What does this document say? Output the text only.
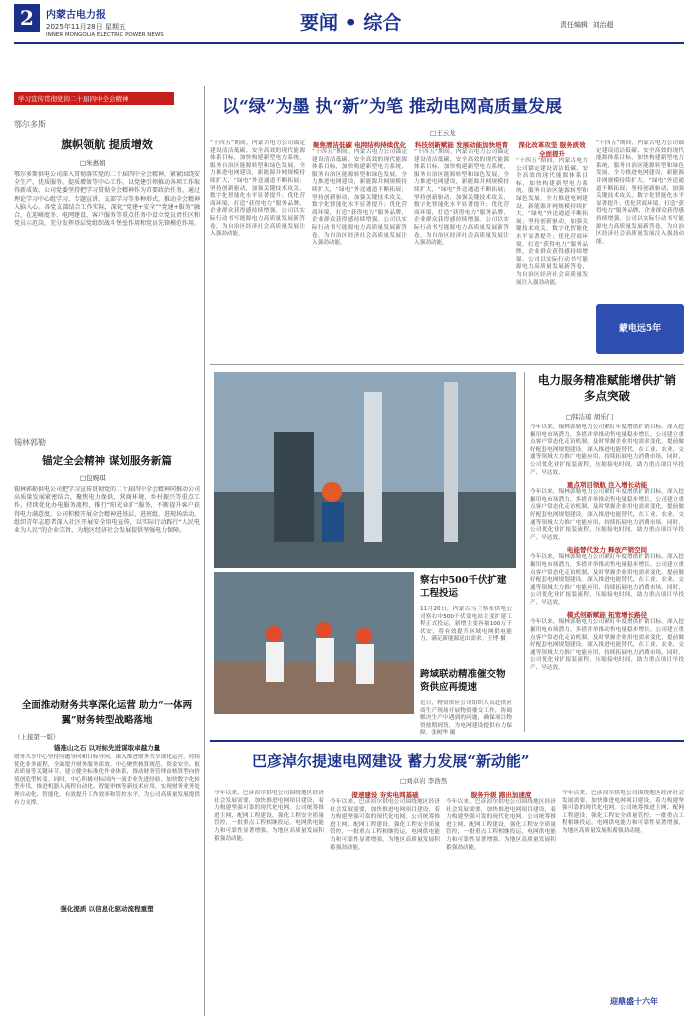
2	内蒙古电力报
2025年11月28日 星期五
INNER MONGOLIA ELECTRIC POWER NEWS
要闻 • 综合	责任编辑 刘治超
学习宣传贯彻党的二十届四中全会精神
鄂尔多斯
旗帜领航 提质增效
□朱惠娟
鄂尔多斯供电公司深入贯彻落实党的二十届四中全会精神，紧紧围绕安全生产、优质服务、提质增效等中心工作，以党建引领推动各项工作取得新成效。公司党委坚持把学习贯彻全会精神作为首要政治任务，通过理论学习中心组学习、专题宣讲、支部学习等多种形式，推动全会精神入脑入心。各党支部结合工作实际，深化“党建+安全”“党建+服务”融合，在迎峰度冬、电网建设、客户服务等重点任务中设立党员责任区和党员示范岗，充分发挥基层党组织战斗堡垒作用和党员先锋模范作用。
锡林郭勒
锚定全会精神 谋划服务新篇
□包婉琪
锡林郭勒供电公司把学习宣传贯彻党的二十届四中全会精神同推动公司高质量发展紧密结合，聚焦电力保供、营商环境、乡村振兴等重点工作，持续优化办电服务流程，推行“阳光业扩”服务，不断提升客户获得电力满意度。公司积极开展全会精神进基层、进班组、进现场活动，组织青年志愿者深入社区开展安全用电宣传，以实际行动践行“人民电业为人民”的企业宗旨，为地区经济社会发展提供坚强电力保障。
全面推动财务共享深化运营 助力“一体两翼”财务转型战略落地
（上接第一版）
锚准山之石 以对标先进谋取卓越力量
财务共享中心坚持问题导向和目标导向，深入推进财务共享深化运营，持续优化业务流程，全面提升财务服务质效。中心聚焦核算规范、资金安全、报表质量等关键环节，建立健全标准化作业体系，推动财务管理由核算型向价值创造型转变。同时，中心积极对标国内一流企业先进经验，加快数字化转型步伐，推进机器人流程自动化、智能审核等新技术应用，实现财务业务处理自动化、智能化，有效提升工作效率和管控水平，为公司高质量发展提供有力支撑。
强化提质 以信息化驱动流程重塑
以“绿”为墨 执“新”为笔 推动电网高质量发展
□王云龙
“十四五”期间，内蒙古电力公司锚定建设清洁低碳、安全高效的现代能源体系目标，加快构建新型电力系统，服务自治区能源转型和绿色发展。全力推进电网建设，新能源并网规模持续扩大，“绿电”外送通道不断拓展；坚持创新驱动，加强关键技术攻关，数字化智能化水平显著提升；优化营商环境，打造“获得电力”服务品牌，企业群众获得感持续增强。公司以实际行动书写能源电力高质量发展新答卷，为自治区经济社会高质量发展注入强劲动能。
聚焦清洁低碳 电网结构持续优化
“十四五”期间，内蒙古电力公司锚定建设清洁低碳、安全高效的现代能源体系目标，加快构建新型电力系统，服务自治区能源转型和绿色发展。全力推进电网建设，新能源并网规模持续扩大，“绿电”外送通道不断拓展；坚持创新驱动，加强关键技术攻关，数字化智能化水平显著提升；优化营商环境，打造“获得电力”服务品牌，企业群众获得感持续增强。公司以实际行动书写能源电力高质量发展新答卷，为自治区经济社会高质量发展注入强劲动能。
科技创新赋能 发展动能加快培育
“十四五”期间，内蒙古电力公司锚定建设清洁低碳、安全高效的现代能源体系目标，加快构建新型电力系统，服务自治区能源转型和绿色发展。全力推进电网建设，新能源并网规模持续扩大，“绿电”外送通道不断拓展；坚持创新驱动，加强关键技术攻关，数字化智能化水平显著提升；优化营商环境，打造“获得电力”服务品牌，企业群众获得感持续增强。公司以实际行动书写能源电力高质量发展新答卷，为自治区经济社会高质量发展注入强劲动能。
深化改革攻坚 服务质效全面提升
“十四五”期间，内蒙古电力公司锚定建设清洁低碳、安全高效的现代能源体系目标，加快构建新型电力系统，服务自治区能源转型和绿色发展。全力推进电网建设，新能源并网规模持续扩大，“绿电”外送通道不断拓展；坚持创新驱动，加强关键技术攻关，数字化智能化水平显著提升；优化营商环境，打造“获得电力”服务品牌，企业群众获得感持续增强。公司以实际行动书写能源电力高质量发展新答卷，为自治区经济社会高质量发展注入强劲动能。
“十四五”期间，内蒙古电力公司锚定建设清洁低碳、安全高效的现代能源体系目标，加快构建新型电力系统，服务自治区能源转型和绿色发展。全力推进电网建设，新能源并网规模持续扩大，“绿电”外送通道不断拓展；坚持创新驱动，加强关键技术攻关，数字化智能化水平显著提升；优化营商环境，打造“获得电力”服务品牌，企业群众获得感持续增强。公司以实际行动书写能源电力高质量发展新答卷，为自治区经济社会高质量发展注入强劲动能。
蒙电远5年
察右中500千伏扩建工程投运
11月20日，内蒙古乌兰察布供电公司察右中500千伏变电站主变扩建工程正式投运，新增主变容量100万千伏安，将有效提升区域电网供电能力，满足新能源送出需求。王博 摄
跨域联动精准催交物资供应再提速
近日，物资供应公司组织人员赴供应商生产现场开展物资催交工作，协调解决生产中遇到的问题，确保项目物资按期到货，为电网建设提供有力保障。张树华 摄
电力服务精准赋能增供扩销多点突破
□韩洁琼 胡乐门
今年以来，锡林郭勒电力公司紧盯年度增供扩销目标，深入挖掘用电市场潜力，多措并举推动售电量稳步增长。公司建立重点客户常态化走访机制，及时掌握企业用电需求变化，提前做好配套电网规划建设。深入推进电能替代，在工业、农业、交通等领域大力推广电能应用，持续拓展电力消费市场。同时，公司优化业扩报装流程，压缩接电时间，助力重点项目早投产、早达效。
重点项目领航 注入增长动能
今年以来，锡林郭勒电力公司紧盯年度增供扩销目标，深入挖掘用电市场潜力，多措并举推动售电量稳步增长。公司建立重点客户常态化走访机制，及时掌握企业用电需求变化，提前做好配套电网规划建设。深入推进电能替代，在工业、农业、交通等领域大力推广电能应用，持续拓展电力消费市场。同时，公司优化业扩报装流程，压缩接电时间，助力重点项目早投产、早达效。
电能替代发力 释放产销空间
今年以来，锡林郭勒电力公司紧盯年度增供扩销目标，深入挖掘用电市场潜力，多措并举推动售电量稳步增长。公司建立重点客户常态化走访机制，及时掌握企业用电需求变化，提前做好配套电网规划建设。深入推进电能替代，在工业、农业、交通等领域大力推广电能应用，持续拓展电力消费市场。同时，公司优化业扩报装流程，压缩接电时间，助力重点项目早投产、早达效。
模式创新赋能 拓宽增长路径
今年以来，锡林郭勒电力公司紧盯年度增供扩销目标，深入挖掘用电市场潜力，多措并举推动售电量稳步增长。公司建立重点客户常态化走访机制，及时掌握企业用电需求变化，提前做好配套电网规划建设。深入推进电能替代，在工业、农业、交通等领域大力推广电能应用，持续拓展电力消费市场。同时，公司优化业扩报装流程，压缩接电时间，助力重点项目早投产、早达效。
巴彦淖尔提速电网建设 蓄力发展“新动能”
□刘卓岩 李浩然
今年以来，巴彦淖尔供电公司围绕地区经济社会发展需要，加快推进电网项目建设，着力构建坚强可靠的现代化电网。公司统筹推进主网、配网工程建设，强化工程安全质量管控，一批重点工程相继投运，电网供电能力和可靠性显著增强，为地区高质量发展积蓄强劲动能。
提速建设 夯实电网基础
今年以来，巴彦淖尔供电公司围绕地区经济社会发展需要，加快推进电网项目建设，着力构建坚强可靠的现代化电网。公司统筹推进主网、配网工程建设，强化工程安全质量管控，一批重点工程相继投运，电网供电能力和可靠性显著增强，为地区高质量发展积蓄强劲动能。
服务升级 跑出加速度
今年以来，巴彦淖尔供电公司围绕地区经济社会发展需要，加快推进电网项目建设，着力构建坚强可靠的现代化电网。公司统筹推进主网、配网工程建设，强化工程安全质量管控，一批重点工程相继投运，电网供电能力和可靠性显著增强，为地区高质量发展积蓄强劲动能。
今年以来，巴彦淖尔供电公司围绕地区经济社会发展需要，加快推进电网项目建设，着力构建坚强可靠的现代化电网。公司统筹推进主网、配网工程建设，强化工程安全质量管控，一批重点工程相继投运，电网供电能力和可靠性显著增强，为地区高质量发展积蓄强劲动能。
迎鼎盛十六年
